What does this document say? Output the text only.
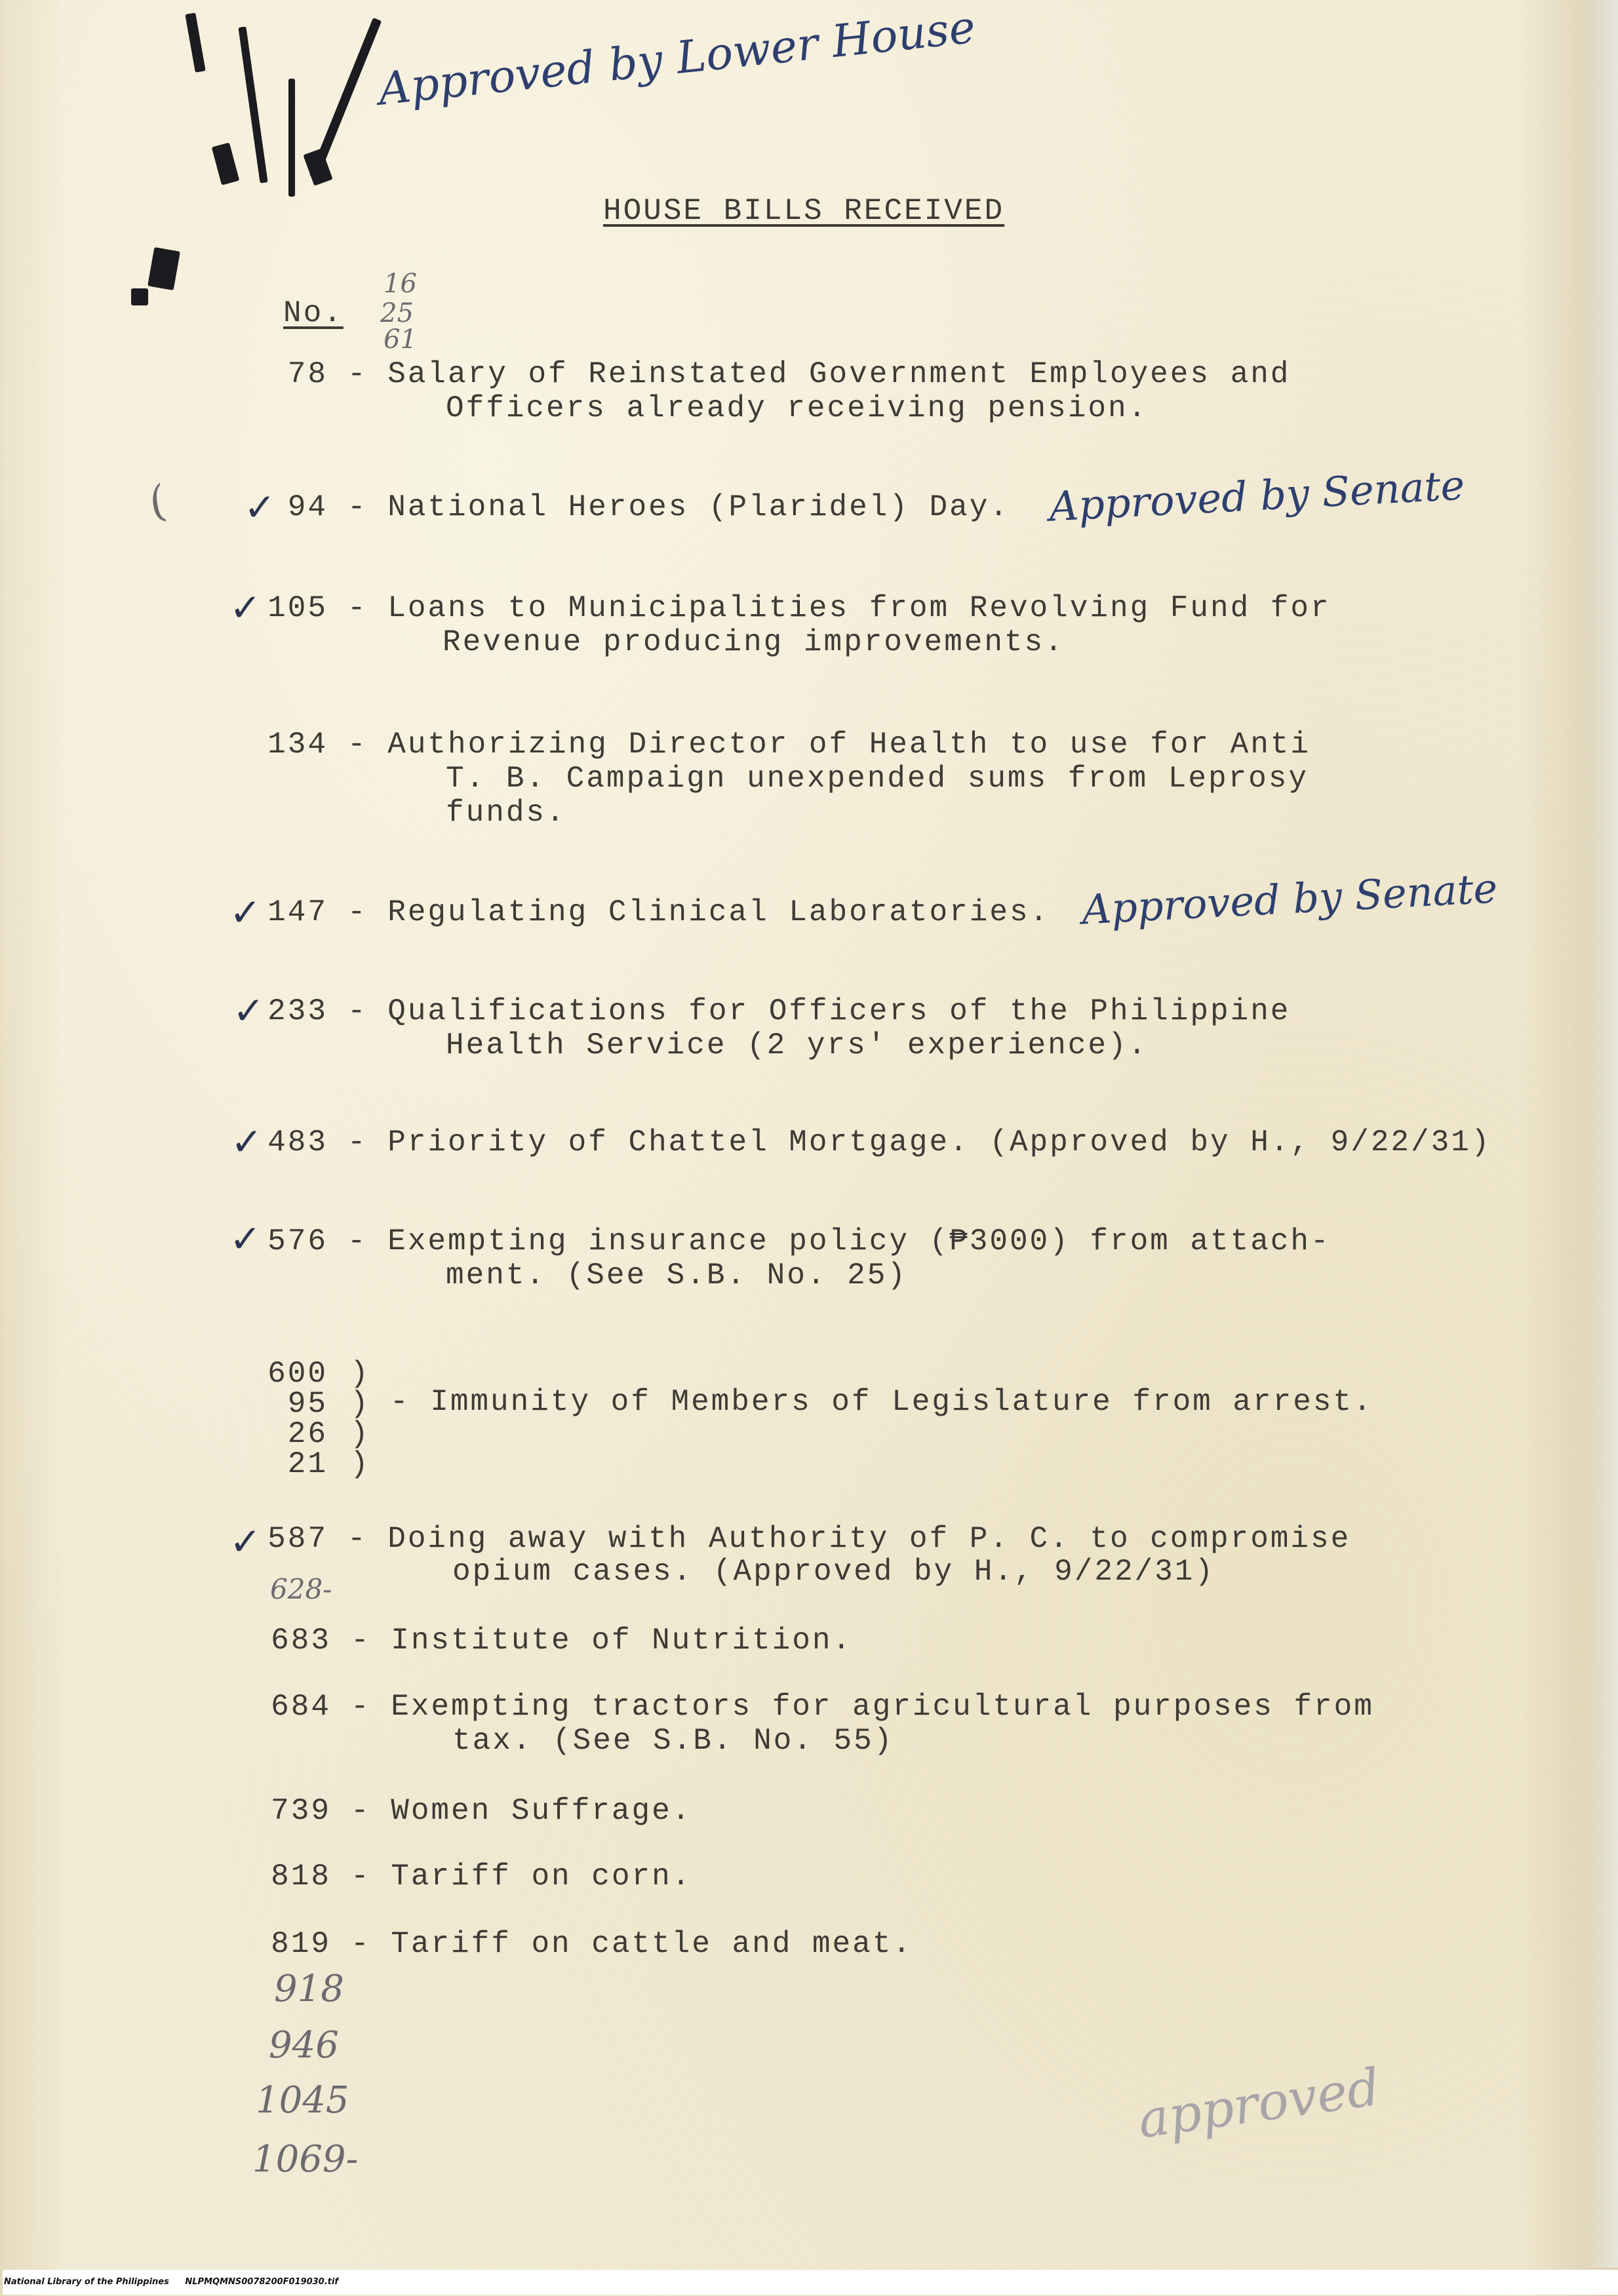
Approved by Lower House
HOUSE BILLS RECEIVED
No.
16
25
61
78 - Salary of Reinstated Government Employees and
Officers already receiving pension.
( ✓ 94 - National Heroes (Plaridel) Day. Approved by Senate
✓ 105 - Loans to Municipalities from Revolving Fund for
Revenue producing improvements.
134 - Authorizing Director of Health to use for Anti
T. B. Campaign unexpended sums from Leprosy
funds.
✓ 147 - Regulating Clinical Laboratories. Approved by Senate
✓ 233 - Qualifications for Officers of the Philippine
Health Service (2 yrs' experience).
✓ 483 - Priority of Chattel Mortgage. (Approved by H., 9/22/31)
✓ 576 - Exempting insurance policy (₱3000) from attach-
ment. (See S.B. No. 25)
600
95
26
21
)
)
)
)
- Immunity of Members of Legislature from arrest.
✓ 587 - Doing away with Authority of P. C. to compromise
opium cases. (Approved by H., 9/22/31)
628-
683 - Institute of Nutrition.
684 - Exempting tractors for agricultural purposes from
tax. (See S.B. No. 55)
739 - Women Suffrage.
818 - Tariff on corn.
819 - Tariff on cattle and meat.
918
946
1045
1069-
approved
National Library of the Philippines NLPMQMNS0078200F019030.tif
